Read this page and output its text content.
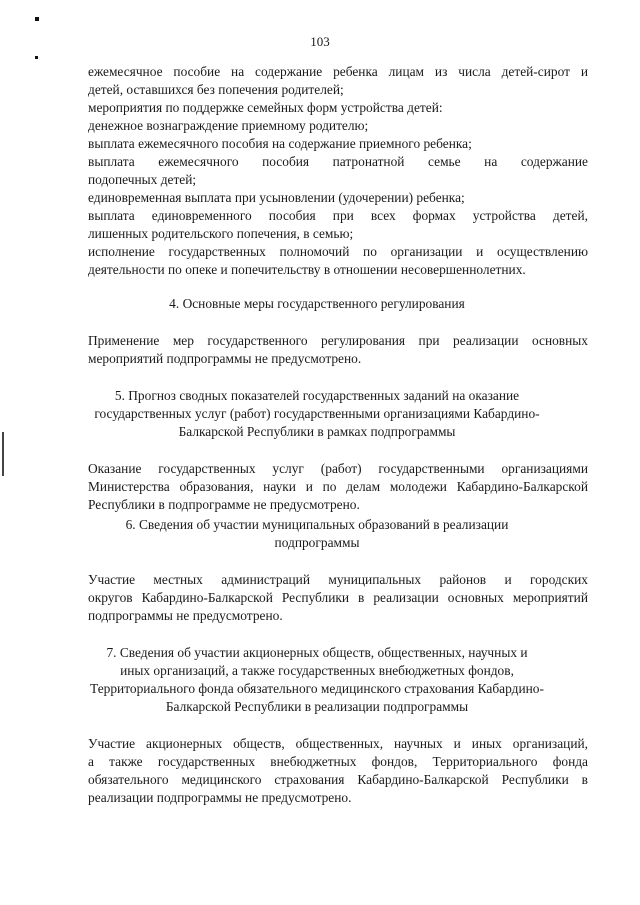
103

ежемесячное пособие на содержание ребенка лицам из числа детей-сирот и
детей, оставшихся без попечения родителей;

мероприятия по поддержке семейных форм устройства детей:

денежное вознаграждение приемному родителю;

выплата ежемесячного пособия на содержание приемного ребенка;

выплата ежемесячного пособия патронатной семье на содержание
подопечных детей;

единовременная выплата при усыновлении (удочерении) ребенка;

выплата единовременного пособия при всех формах устройства детей,
лишенных родительского попечения, в семью;

исполнение государственных полномочий по организации и осуществлению
деятельности по опеке и попечительству в отношении несовершеннолетних.

4. Основные меры государственного регулирования

Применение мер государственного регулирования при реализации основных
мероприятий подпрограммы не предусмотрено.

5. Прогноз сводных показателей государственных заданий на оказание
государственных услуг (работ) государственными организациями Кабардино-
Балкарской Республики в рамках подпрограммы

Оказание государственных услуг (работ) государственными организациями
Министерства образования, науки и по делам молодежи Кабардино-Балкарской
Республики в подпрограмме не предусмотрено.

6. Сведения об участии муниципальных образований в реализации
подпрограммы

Участие местных администраций муниципальных районов и городских
округов Кабардино-Балкарской Республики в реализации основных мероприятий
подпрограммы не предусмотрено.

7. Сведения об участии акционерных обществ, общественных, научных и
иных организаций, а также государственных внебюджетных фондов,
Территориального фонда обязательного медицинского страхования Кабардино-
Балкарской Республики в реализации подпрограммы

Участие акционерных обществ, общественных, научных и иных организаций,
а также государственных внебюджетных фондов, Территориального фонда
обязательного медицинского страхования Кабардино-Балкарской Республики в
реализации подпрограммы не предусмотрено.
